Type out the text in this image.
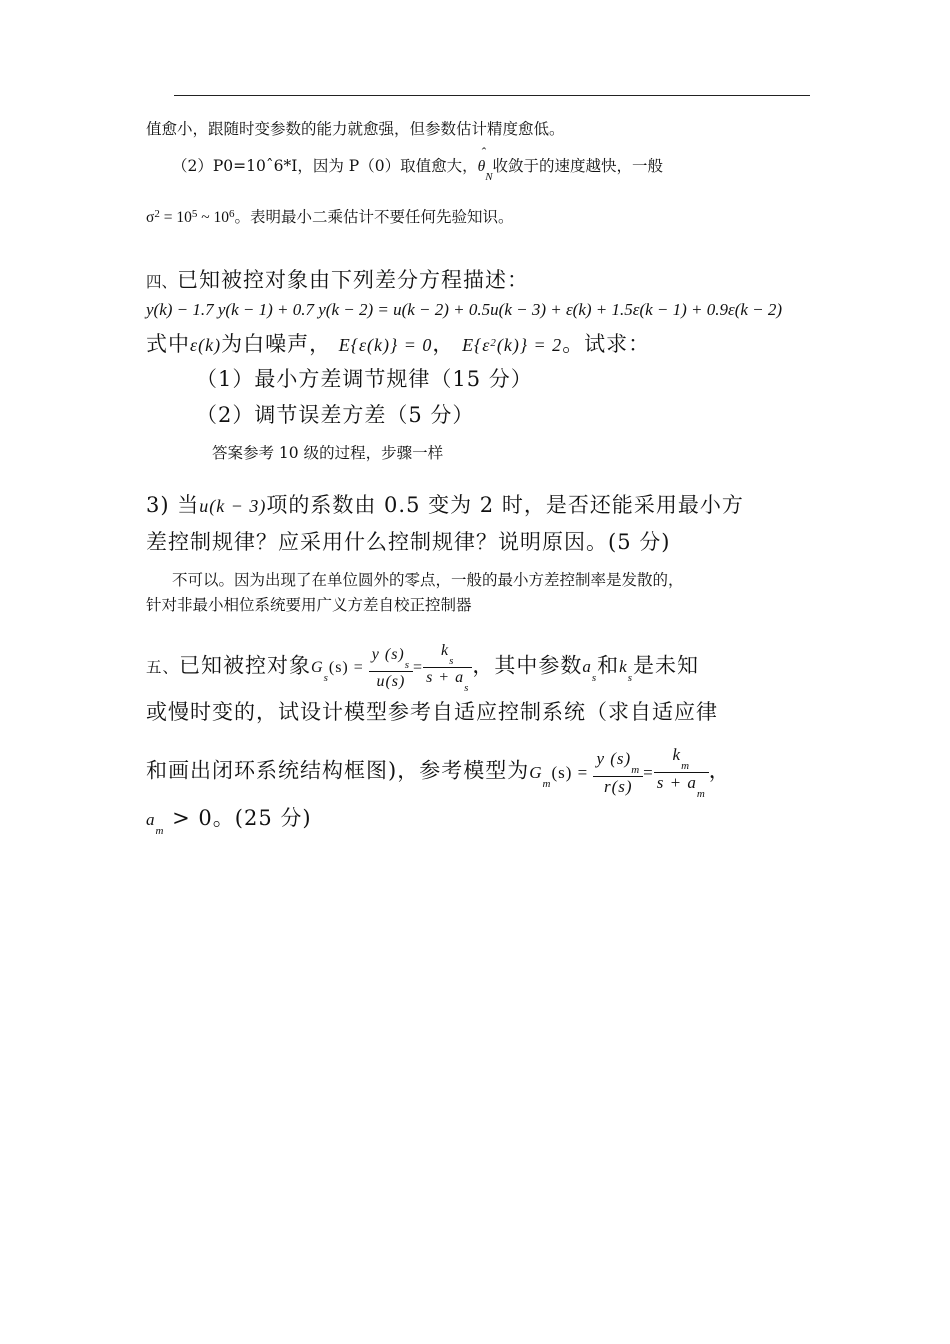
值愈小，跟随时变参数的能力就愈强，但参数估计精度愈低。
（2）P0=10ˆ6*I，因为 P（0）取值愈大，
ˆ
$\theta_N$收敛于的速度越快，一般
$\sigma^2 = 10^5$ ~ $10^6$。表明最小二乘估计不要任何先验知识。
四、已知被控对象由下列差分方程描述：
y(k) − 1.7 y(k − 1) + 0.7 y(k − 2) = u(k − 2) + 0.5u(k − 3) + ε(k) + 1.5ε(k − 1) + 0.9ε(k − 2)
式中ε(k)为白噪声， E{ε(k)} = 0， $E\{\varepsilon^2(k)\} = 2$。试求：
（1）最小方差调节规律（15 分）
（2）调节误差方差（5 分）
答案参考 10 级的过程，步骤一样
3) 当u(k − 3)项的系数由 0.5 变为 2 时，是否还能采用最小方
差控制规律？应采用什么控制规律？说明原因。(5 分)
不可以。因为出现了在单位圆外的零点，一般的最小方差控制率是发散的，
针对非最小相位系统要用广义方差自校正控制器
五、已知被控对象$G_s(s) = \frac{y (s)_s}{u(s)} = \frac{k_s}{s + a_s}$ ，其中参数$a_s$和$k_s$是未知
或慢时变的，试设计模型参考自适应控制系统（求自适应律
和画出闭环系统结构框图)，参考模型为$G_m(s) = \frac{y (s)_m}{r(s)} = \frac{k_m}{s + a_m}$ ，
$a_m > 0$。(25 分)
